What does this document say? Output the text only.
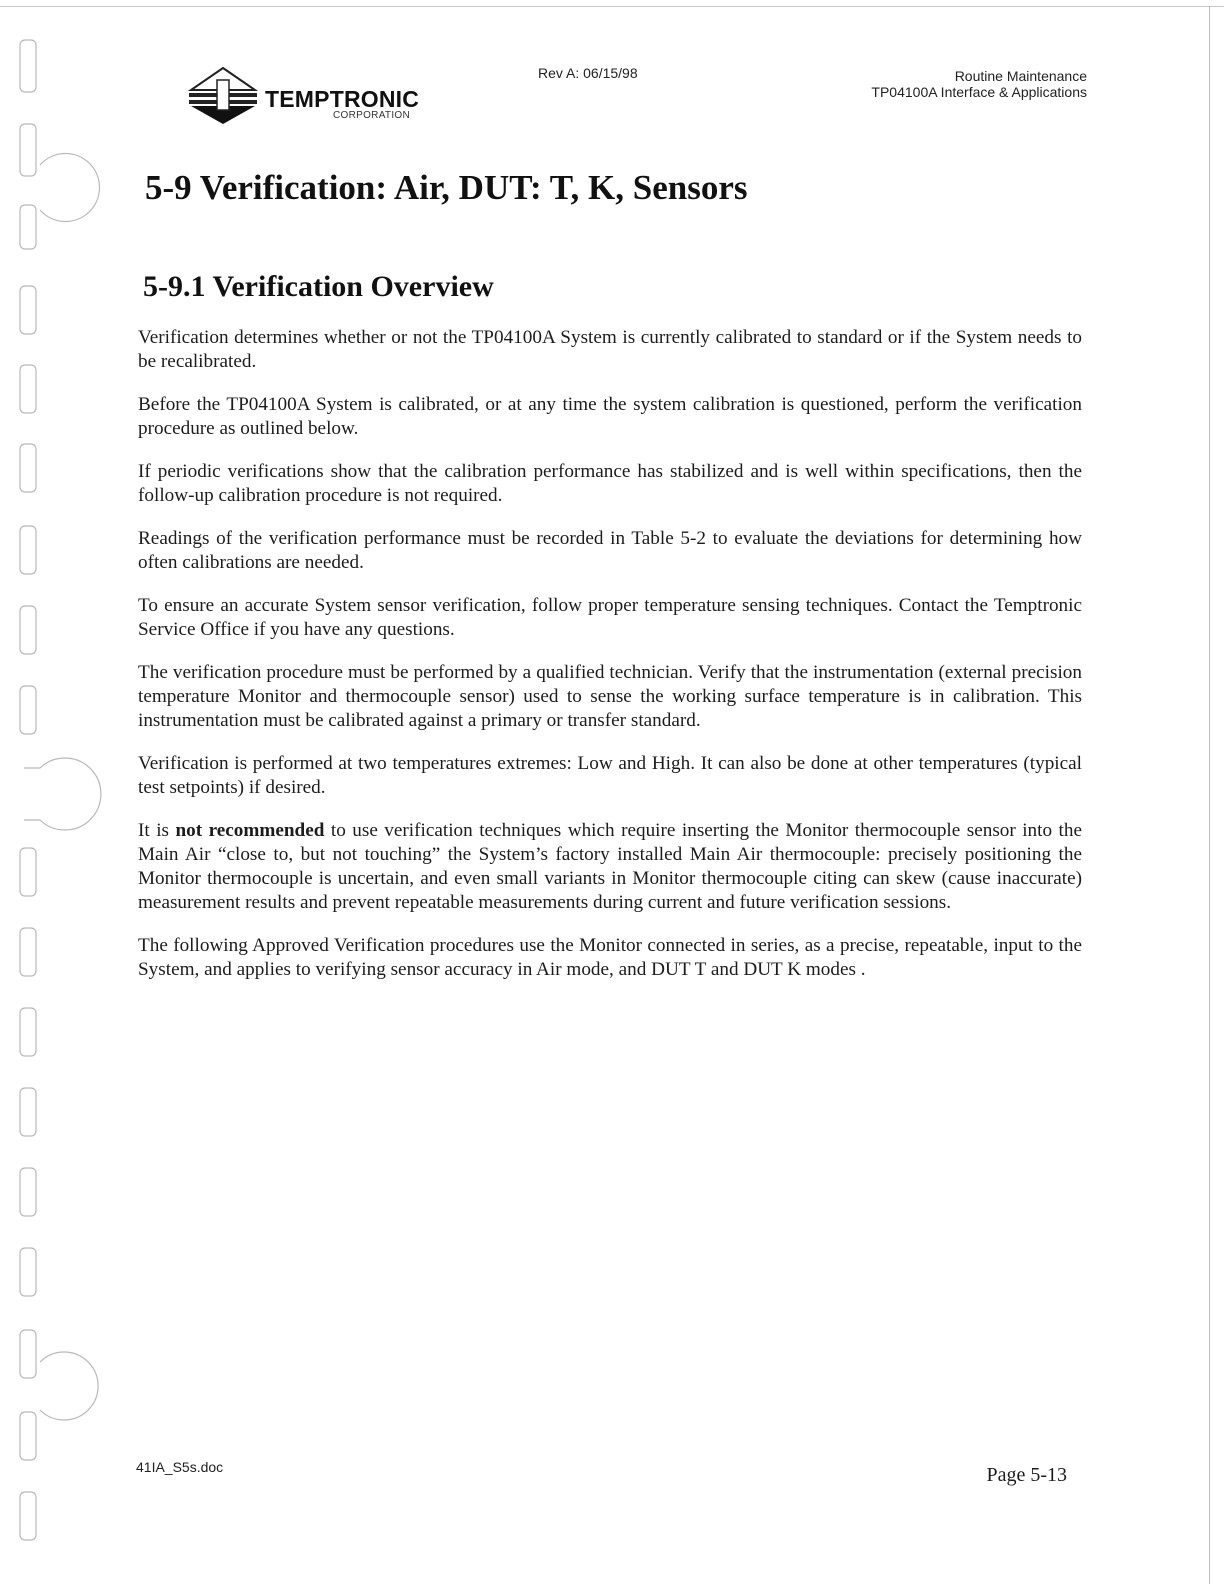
TEMPTRONIC
CORPORATION
Rev A: 06/15/98	Routine Maintenance
TP04100A Interface & Applications
5-9 Verification: Air, DUT: T, K, Sensors
5-9.1 Verification Overview

Verification determines whether or not the TP04100A System is currently calibrated to standard or if the System needs to be recalibrated.

Before the TP04100A System is calibrated, or at any time the system calibration is questioned, perform the verification procedure as outlined below.

If periodic verifications show that the calibration performance has stabilized and is well within specifications, then the follow-up calibration procedure is not required.

Readings of the verification performance must be recorded in Table 5-2 to evaluate the deviations for determining how often calibrations are needed.

To ensure an accurate System sensor verification, follow proper temperature sensing techniques. Contact the Temptronic Service Office if you have any questions.

The verification procedure must be performed by a qualified technician. Verify that the instrumentation (external precision temperature Monitor and thermocouple sensor) used to sense the working surface temperature is in calibration. This instrumentation must be calibrated against a primary or transfer standard.

Verification is performed at two temperatures extremes: Low and High. It can also be done at other temperatures (typical test setpoints) if desired.

It is not recommended to use verification techniques which require inserting the Monitor thermocouple sensor into the Main Air “close to, but not touching” the System’s factory installed Main Air thermocouple: precisely positioning the Monitor thermocouple is uncertain, and even small variants in Monitor thermocouple citing can skew (cause inaccurate) measurement results and prevent repeatable measurements during current and future verification sessions.

The following Approved Verification procedures use the Monitor connected in series, as a precise, repeatable, input to the System, and applies to verifying sensor accuracy in Air mode, and DUT T and DUT K modes .

41IA_S5s.doc	Page 5-13
